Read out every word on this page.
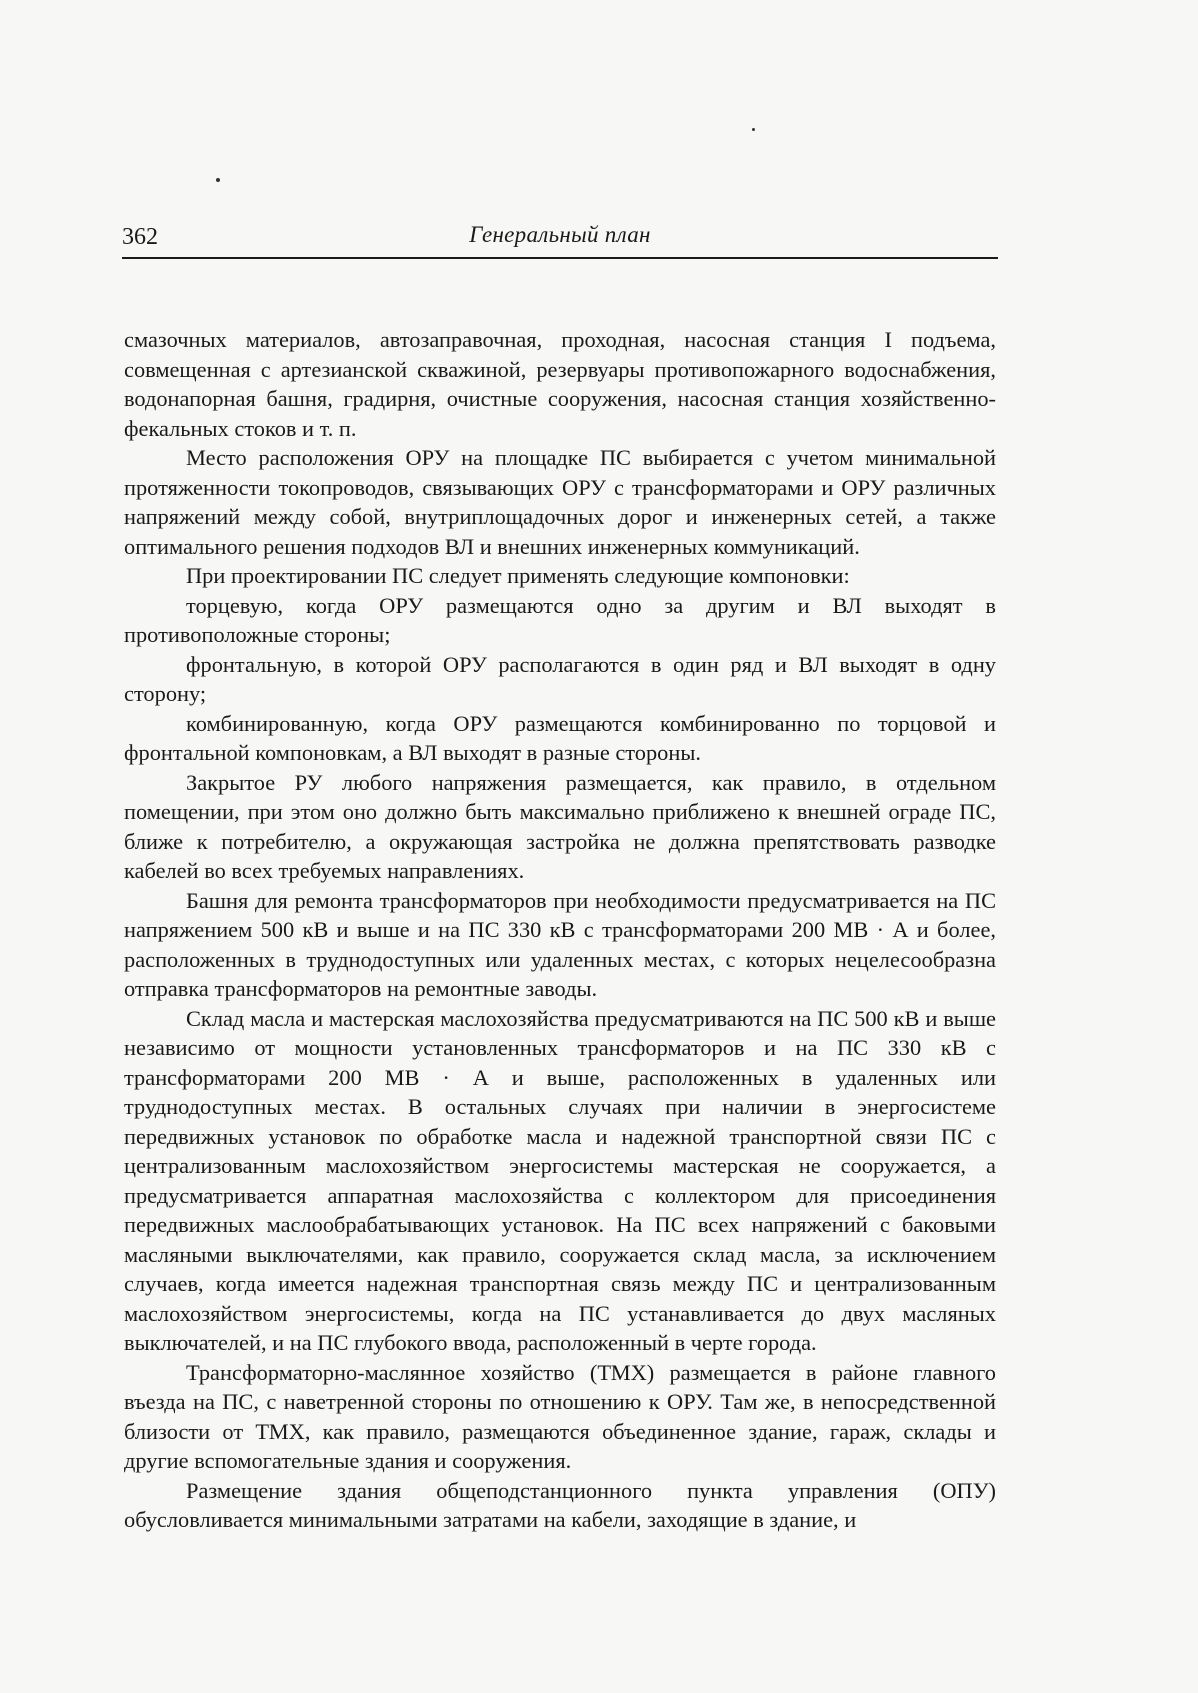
362	Генеральный план

смазочных материалов, автозаправочная, проходная, насосная станция I подъема, совмещенная с артезианской скважиной, резервуары противопожарного водоснабжения, водонапорная башня, градирня, очистные сооружения, насосная станция хозяйственно-фекальных стоков и т. п.

Место расположения ОРУ на площадке ПС выбирается с учетом минимальной протяженности токопроводов, связывающих ОРУ с трансформаторами и ОРУ различных напряжений между собой, внутриплощадочных дорог и инженерных сетей, а также оптимального решения подходов ВЛ и внешних инженерных коммуникаций.

При проектировании ПС следует применять следующие компоновки:

торцевую, когда ОРУ размещаются одно за другим и ВЛ выходят в противоположные стороны;

фронтальную, в которой ОРУ располагаются в один ряд и ВЛ выходят в одну сторону;

комбинированную, когда ОРУ размещаются комбинированно по торцовой и фронтальной компоновкам, а ВЛ выходят в разные стороны.

Закрытое РУ любого напряжения размещается, как правило, в отдельном помещении, при этом оно должно быть максимально приближено к внешней ограде ПС, ближе к потребителю, а окружающая застройка не должна препятствовать разводке кабелей во всех требуемых направлениях.

Башня для ремонта трансформаторов при необходимости предусматривается на ПС напряжением 500 кВ и выше и на ПС 330 кВ с трансформаторами 200 МВ · А и более, расположенных в труднодоступных или удаленных местах, с которых нецелесообразна отправка трансформаторов на ремонтные заводы.

Склад масла и мастерская маслохозяйства предусматриваются на ПС 500 кВ и выше независимо от мощности установленных трансформаторов и на ПС 330 кВ с трансформаторами 200 МВ · А и выше, расположенных в удаленных или труднодоступных местах. В остальных случаях при наличии в энергосистеме передвижных установок по обработке масла и надежной транспортной связи ПС с централизованным маслохозяйством энергосистемы мастерская не сооружается, а предусматривается аппаратная маслохозяйства с коллектором для присоединения передвижных маслообрабатывающих установок. На ПС всех напряжений с баковыми масляными выключателями, как правило, сооружается склад масла, за исключением случаев, когда имеется надежная транспортная связь между ПС и централизованным маслохозяйством энергосистемы, когда на ПС устанавливается до двух масляных выключателей, и на ПС глубокого ввода, расположенный в черте города.

Трансформаторно-маслянное хозяйство (ТМХ) размещается в районе главного въезда на ПС, с наветренной стороны по отношению к ОРУ. Там же, в непосредственной близости от ТМХ, как правило, размещаются объединенное здание, гараж, склады и другие вспомогательные здания и сооружения.

Размещение здания общеподстанционного пункта управления (ОПУ) обусловливается минимальными затратами на кабели, заходящие в здание, и
